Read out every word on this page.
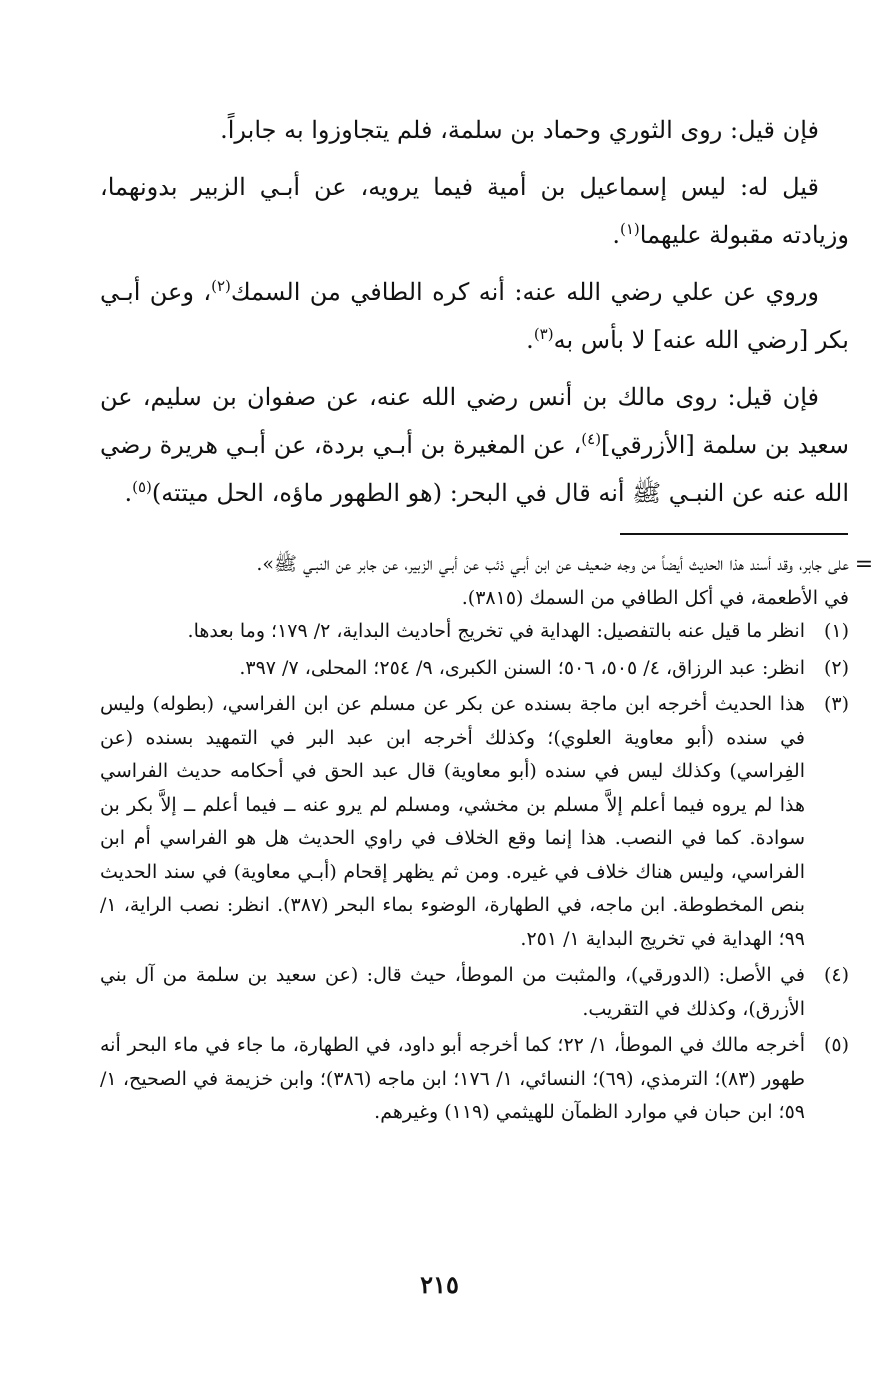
فإن قيل: روى الثوري وحماد بن سلمة، فلم يتجاوزوا به جابراً.

قيل له: ليس إسماعيل بن أمية فيما يرويه، عن أبـي الزبير بدونهما، وزيادته مقبولة عليهما$^{(١)}$.

وروي عن علي رضي الله عنه: أنه كره الطافي من السمك$^{(٢)}$، وعن أبـي بكر [رضي الله عنه] لا بأس به$^{(٣)}$.

فإن قيل: روى مالك بن أنس رضي الله عنه، عن صفوان بن سليم، عن سعيد بن سلمة [الأزرقي]$^{(٤)}$، عن المغيرة بن أبـي بردة، عن أبـي هريرة رضي الله عنه عن النبـي ﷺ أنه قال في البحر: (هو الطهور ماؤه، الحل ميتته)$^{(٥)}$.

=
على جابر، وقد أسند هذا الحديث أيضاً من وجه ضعيف عن ابن أبـي ذئب عن أبـي الزبير، عن جابر عن النبـي ﷺ».
في الأطعمة، في أكل الطافي من السمك (٣٨١٥).
(١)
انظر ما قيل عنه بالتفصيل: الهداية في تخريج أحاديث البداية، ٢/ ١٧٩؛ وما بعدها.
(٢)
انظر: عبد الرزاق، ٤/ ٥٠٥، ٥٠٦؛ السنن الكبرى، ٩/ ٢٥٤؛ المحلى، ٧/ ٣٩٧.
(٣)
هذا الحديث أخرجه ابن ماجة بسنده عن بكر عن مسلم عن ابن الفراسي، (بطوله) وليس في سنده (أبو معاوية العلوي)؛ وكذلك أخرجه ابن عبد البر في التمهيد بسنده (عن الفِراسي) وكذلك ليس في سنده (أبو معاوية) قال عبد الحق في أحكامه حديث الفراسي هذا لم يروه فيما أعلم إلاَّ مسلم بن مخشي، ومسلم لم يرو عنه ــ فيما أعلم ــ إلاَّ بكر بن سوادة. كما في النصب. هذا إنما وقع الخلاف في راوي الحديث هل هو الفراسي أم ابن الفراسي، وليس هناك خلاف في غيره. ومن ثم يظهر إقحام (أبـي معاوية) في سند الحديث بنص المخطوطة. ابن ماجه، في الطهارة، الوضوء بماء البحر (٣٨٧). انظر: نصب الراية، ١/ ٩٩؛ الهداية في تخريج البداية ١/ ٢٥١.
(٤)
في الأصل: (الدورقي)، والمثبت من الموطأ، حيث قال: (عن سعيد بن سلمة من آل بني الأزرق)، وكذلك في التقريب.
(٥)
أخرجه مالك في الموطأ، ١/ ٢٢؛ كما أخرجه أبو داود، في الطهارة، ما جاء في ماء البحر أنه طهور (٨٣)؛ الترمذي، (٦٩)؛ النسائي، ١/ ١٧٦؛ ابن ماجه (٣٨٦)؛ وابن خزيمة في الصحيح، ١/ ٥٩؛ ابن حبان في موارد الظمآن للهيثمي (١١٩) وغيرهم.
٢١٥
